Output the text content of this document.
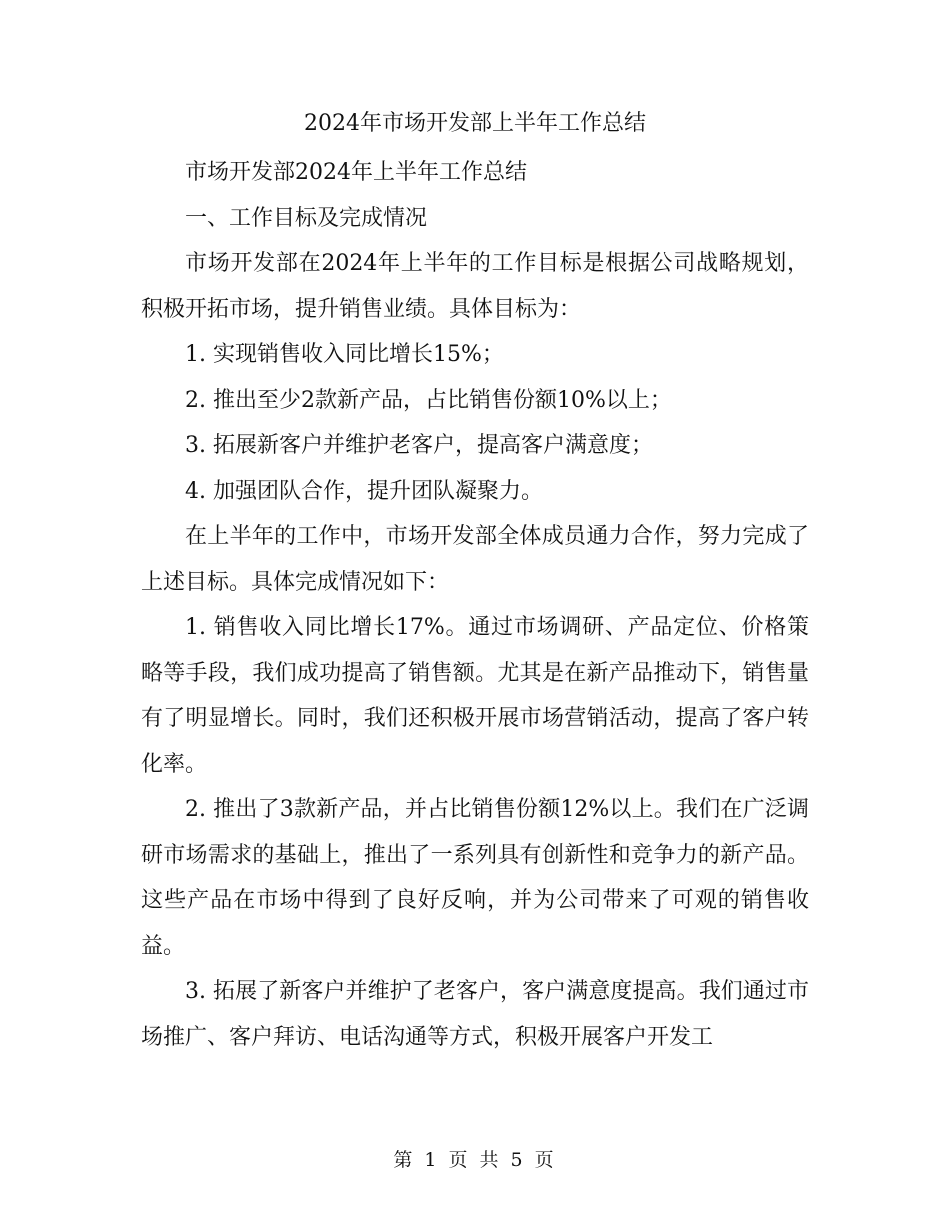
2024年市场开发部上半年工作总结

市场开发部2024年上半年工作总结

一、工作目标及完成情况

市场开发部在2024年上半年的工作目标是根据公司战略规划，积极开拓市场，提升销售业绩。具体目标为：

1. 实现销售收入同比增长15%；

2. 推出至少2款新产品，占比销售份额10%以上；

3. 拓展新客户并维护老客户，提高客户满意度；

4. 加强团队合作，提升团队凝聚力。

在上半年的工作中，市场开发部全体成员通力合作，努力完成了上述目标。具体完成情况如下：

1. 销售收入同比增长17%。通过市场调研、产品定位、价格策略等手段，我们成功提高了销售额。尤其是在新产品推动下，销售量有了明显增长。同时，我们还积极开展市场营销活动，提高了客户转化率。

2. 推出了3款新产品，并占比销售份额12%以上。我们在广泛调研市场需求的基础上，推出了一系列具有创新性和竞争力的新产品。这些产品在市场中得到了良好反响，并为公司带来了可观的销售收益。

3. 拓展了新客户并维护了老客户，客户满意度提高。我们通过市场推广、客户拜访、电话沟通等方式，积极开展客户开发工

第 1 页 共 5 页
